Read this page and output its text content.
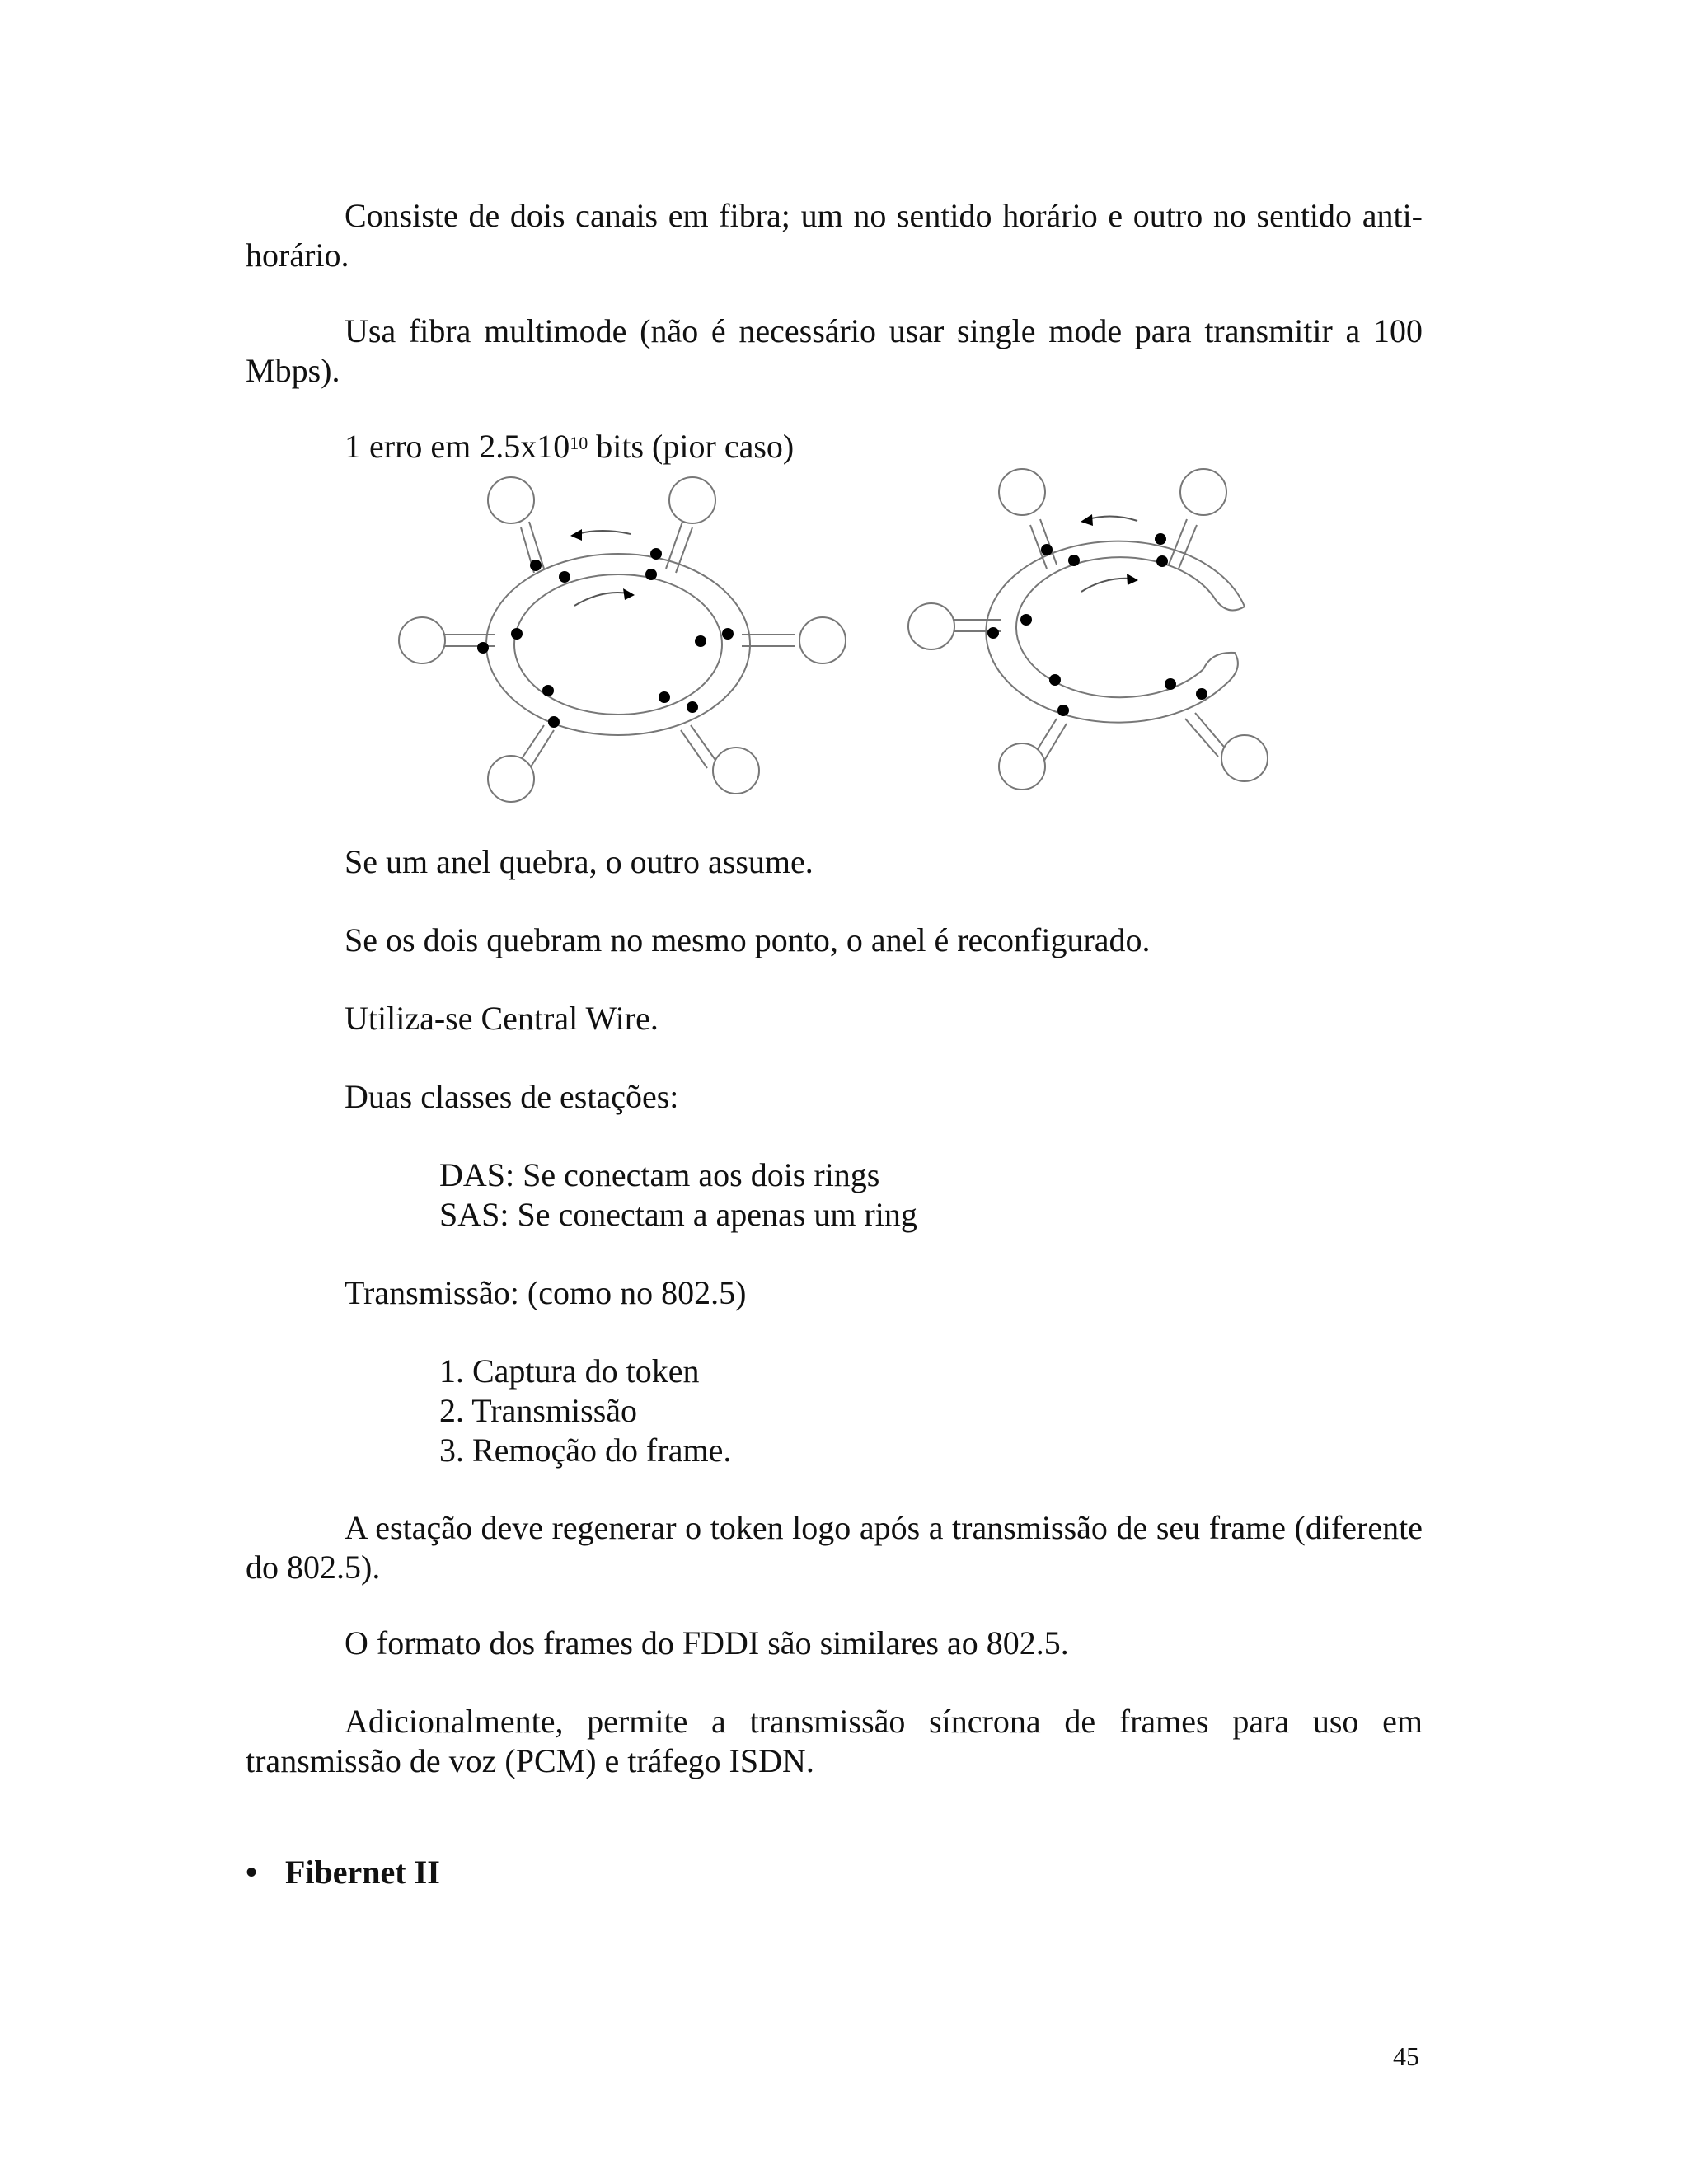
Consiste de dois canais em fibra; um no sentido horário e outro no sentido anti-horário.

Usa fibra multimode (não é necessário usar single mode para transmitir a 100 Mbps).

1 erro em $2.5x10^{10}$ bits (pior caso)

Se um anel quebra, o outro assume.

Se os dois quebram no mesmo ponto, o anel é reconfigurado.

Utiliza-se Central Wire.

Duas classes de estações:

DAS: Se conectam aos dois rings

SAS: Se conectam a apenas um ring

Transmissão: (como no 802.5)

1. Captura do token

2. Transmissão

3. Remoção do frame.

A estação deve regenerar o token logo após a transmissão de seu frame (diferente do 802.5).

O formato dos frames do FDDI são similares ao 802.5.

Adicionalmente, permite a transmissão síncrona de frames para uso em transmissão de voz (PCM) e tráfego ISDN.

• Fibernet II
45
